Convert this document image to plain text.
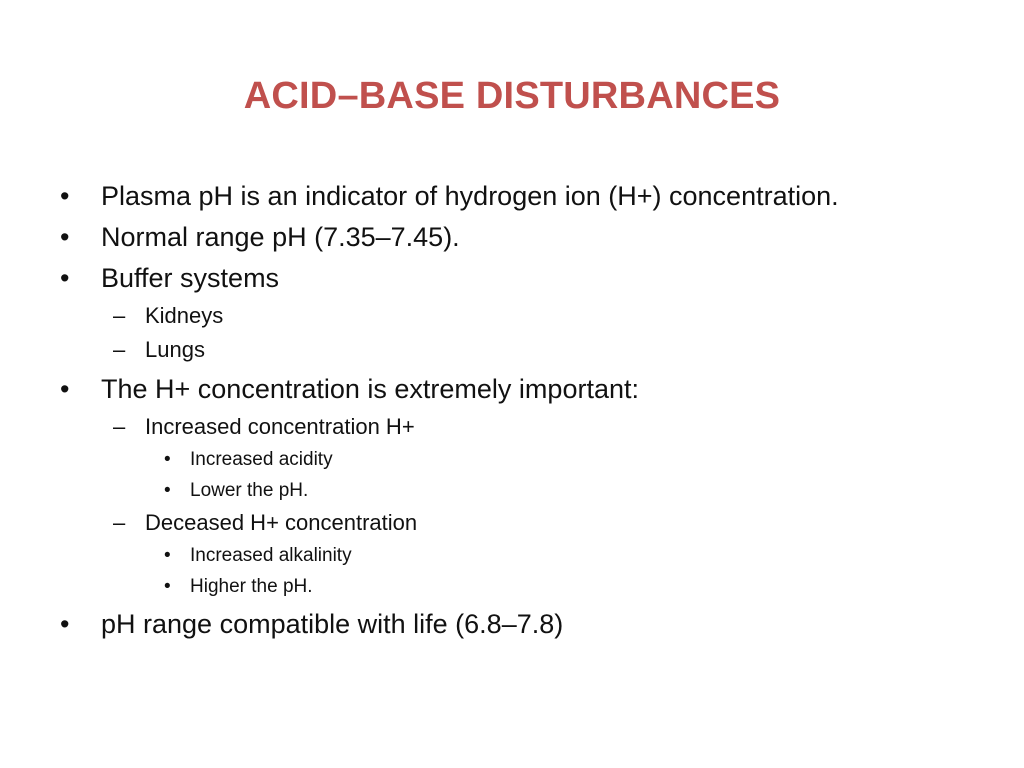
ACID–BASE DISTURBANCES
• Plasma pH is an indicator of hydrogen ion (H+) concentration.
• Normal range pH (7.35–7.45).
• Buffer systems
– Kidneys
– Lungs
• The H+ concentration is extremely important:
– Increased concentration H+
• Increased acidity
• Lower the pH.
– Deceased H+ concentration
• Increased alkalinity
• Higher the pH.
• pH range compatible with life (6.8–7.8)
